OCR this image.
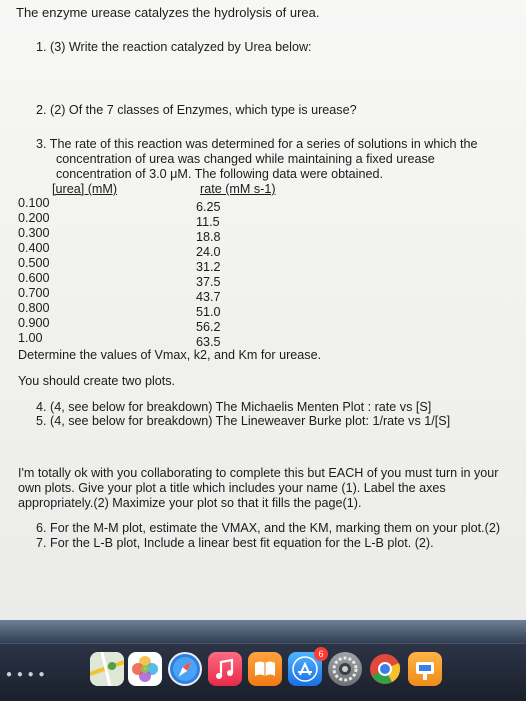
The enzyme urease catalyzes the hydrolysis of urea.
1. (3) Write the reaction catalyzed by Urea below:
2. (2) Of the 7 classes of Enzymes, which type is urease?
3. The rate of this reaction was determined for a series of solutions in which the
concentration of urea was changed while maintaining a fixed urease
concentration of 3.0 μM. The following data were obtained.
[urea] (mM)	rate (mM s-1)
0.100	6.25
0.200	11.5
0.300	18.8
0.400	24.0
0.500	31.2
0.600	37.5
0.700	43.7
0.800	51.0
0.900	56.2
1.00	63.5
Determine the values of Vmax, k2, and Km for urease.
You should create two plots.
4. (4, see below for breakdown) The Michaelis Menten Plot : rate vs [S]
5. (4, see below for breakdown) The Lineweaver Burke plot: 1/rate vs 1/[S]
I'm totally ok with you collaborating to complete this but EACH of you must turn in your
own plots. Give your plot a title which includes your name (1). Label the axes
appropriately.(2) Maximize your plot so that it fills the page(1).
6. For the M-M plot, estimate the VMAX, and the KM, marking them on your plot.(2)
7. For the L-B plot, Include a linear best fit equation for the L-B plot. (2).
● ● ● ●
6
